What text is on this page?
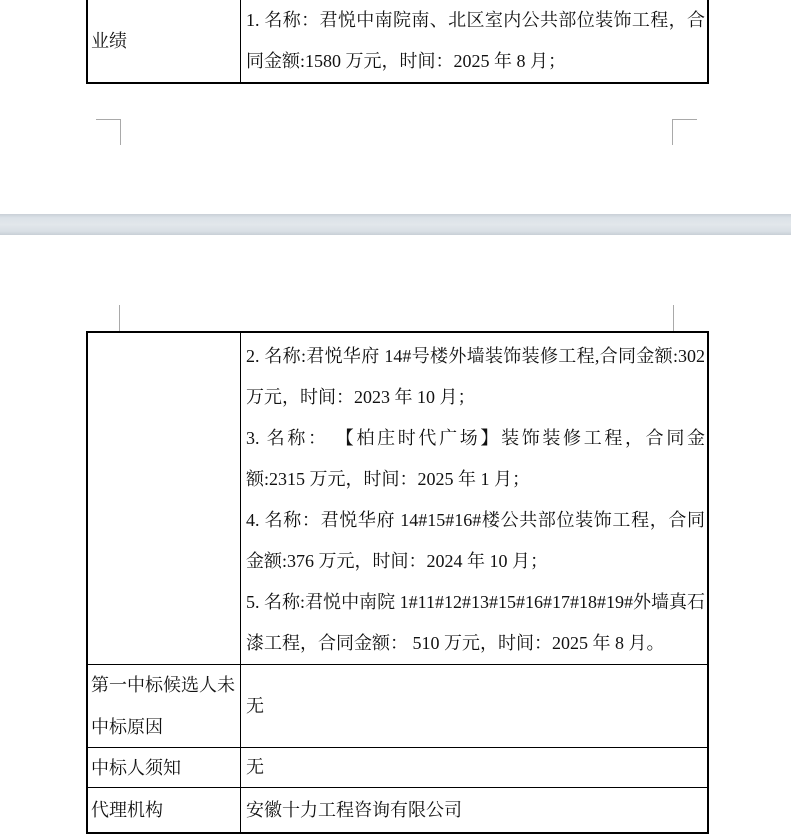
业绩

1. 名称：君悦中南院南、北区室内公共部位装饰工程，合同金额:1580 万元，时间：2025 年 8 月；

2. 名称:君悦华府 14#号楼外墙装饰装修工程,合同金额:302 万元，时间：2023 年 10 月；

3. 名称： 【柏庄时代广场】装饰装修工程，合同金额:2315 万元，时间：2025 年 1 月；

4. 名称：君悦华府 14#15#16#楼公共部位装饰工程，合同金额:376 万元，时间：2024 年 10 月；

5. 名称:君悦中南院 1#11#12#13#15#16#17#18#19#外墙真石漆工程，合同金额： 510 万元，时间：2025 年 8 月。

第一中标候选人未中标原因

无

中标人须知	无

代理机构	安徽十力工程咨询有限公司
